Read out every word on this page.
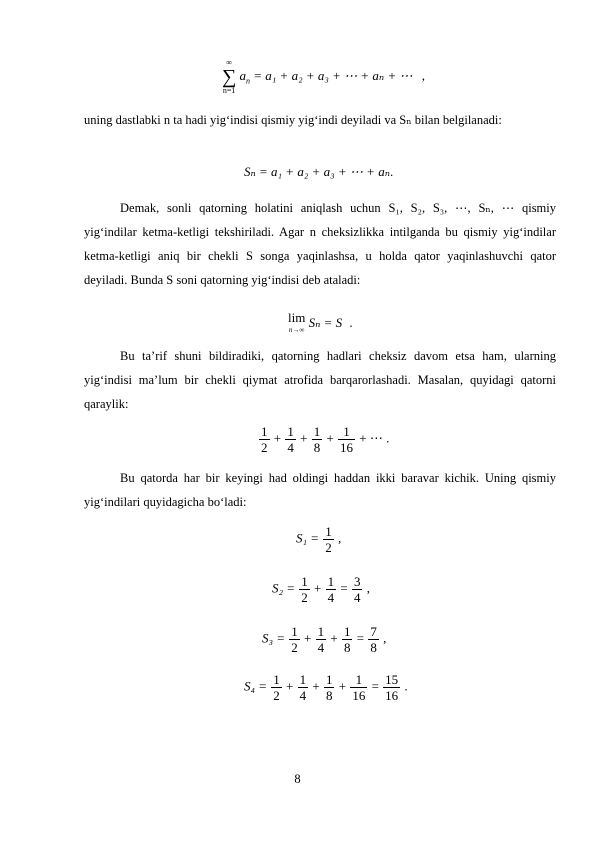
∞
∑
n=1
$a_n = a_1 + a_2 + a_3$ + ⋯ + aₙ + ⋯ ,

uning dastlabki n ta hadi yig‘indisi qismiy yig‘indi deyiladi va Sₙ bilan belgilanadi:

Sₙ = a₁ + a₂ + a₃ + ⋯ + aₙ.

Demak, sonli qatorning holatini aniqlash uchun S₁, S₂, S₃, ⋯, Sₙ, ⋯ qismiy yig‘indilar ketma-ketligi tekshiriladi. Agar n cheksizlikka intilganda bu qismiy yig‘indilar ketma-ketligi aniq bir chekli S songa yaqinlashsa, u holda qator yaqinlashuvchi qator deyiladi. Bunda S soni qatorning yig‘indisi deb ataladi:

lim
n→∞
Sₙ = S .

Bu ta’rif shuni bildiradiki, qatorning hadlari cheksiz davom etsa ham, ularning yig‘indisi ma’lum bir chekli qiymat atrofida barqarorlashadi. Masalan, quyidagi qatorni qaraylik:

$\frac{1}{2} + \frac{1}{4} + \frac{1}{8} + \frac{1}{16}$ + ⋯ .

Bu qatorda har bir keyingi had oldingi haddan ikki baravar kichik. Uning qismiy yig‘indilari quyidagicha bo‘ladi:

$S_1 = \frac{1}{2}$ ,
$S_2 = \frac{1}{2} + \frac{1}{4} = \frac{3}{4}$ ,
$S_3 = \frac{1}{2} + \frac{1}{4} + \frac{1}{8} = \frac{7}{8}$ ,
$S_4 = \frac{1}{2} + \frac{1}{4} + \frac{1}{8} + \frac{1}{16} = \frac{15}{16}$ .
8
